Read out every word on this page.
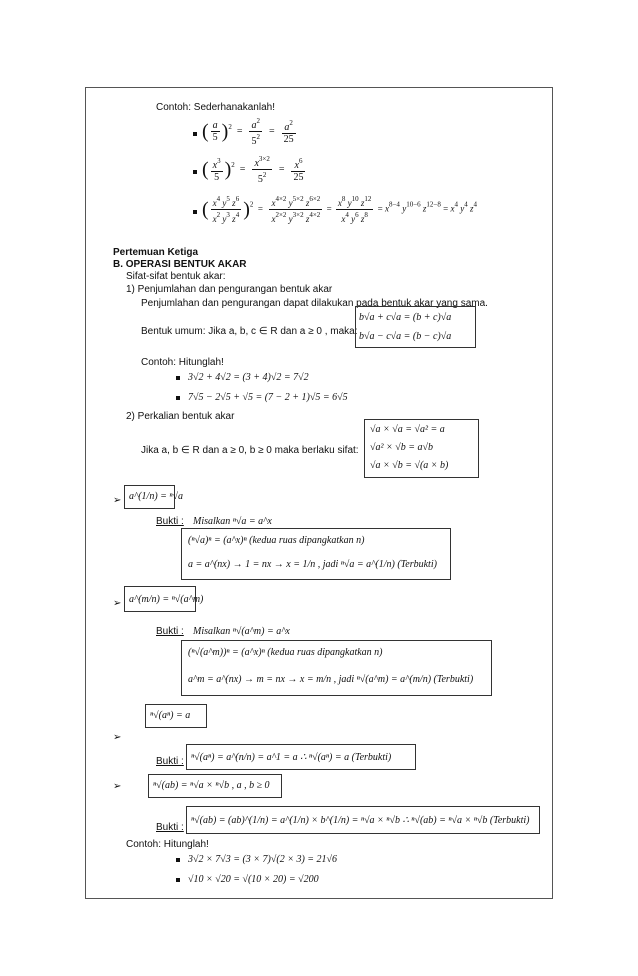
Contoh: Sederhanakanlah!
( $\frac{a}{5} )^2 = \frac{a^2}{5^2} = \frac{a^2}{25}$
( $\frac{x^3}{5} )^2 = \frac{x^{3\times 2}}{5^2} = \frac{x^6}{25}$
( $\frac{x^4 y^5 z^6}{x^2 y^3 z^4} )^2 = \frac{x^{4\times 2} y^{5\times 2} z^{6\times 2}}{x^{2\times 2} y^{3\times 2} z^{4\times 2}} = \frac{x^8 y^{10} z^{12}}{x^4 y^6 z^8} = x^{8-4}$ $y^{10-6}$ $z^{12-8} = x^4$ $y^4$ $z^4$
Pertemuan Ketiga
B. OPERASI BENTUK AKAR
Sifat-sifat bentuk akar:
1) Penjumlahan dan pengurangan bentuk akar
Penjumlahan dan pengurangan dapat dilakukan pada bentuk akar yang sama.
Bentuk umum: Jika a, b, c ∈ R dan a ≥ 0 , maka:
b√a + c√a = (b + c)√a
b√a − c√a = (b − c)√a
Contoh: Hitunglah!
3√2 + 4√2 = (3 + 4)√2 = 7√2
7√5 − 2√5 + √5 = (7 − 2 + 1)√5 = 6√5
2) Perkalian bentuk akar
Jika a, b ∈ R dan a ≥ 0, b ≥ 0 maka berlaku sifat:
√a × √a = √a² = a
√a² × √b = a√b
√a × √b = √(a × b)
➢ a^(1/n) = ⁿ√a
Bukti : Misalkan ⁿ√a = a^x
(ⁿ√a)ⁿ = (a^x)ⁿ (kedua ruas dipangkatkan n)
a = a^(nx) → 1 = nx → x = 1/n , jadi ⁿ√a = a^(1/n) (Terbukti)
➢ a^(m/n) = ⁿ√(a^m)
Bukti : Misalkan ⁿ√(a^m) = a^x
(ⁿ√(a^m))ⁿ = (a^x)ⁿ (kedua ruas dipangkatkan n)
a^m = a^(nx) → m = nx → x = m/n , jadi ⁿ√(a^m) = a^(m/n) (Terbukti)
➢
ⁿ√(aⁿ) = a
Bukti : ⁿ√(aⁿ) = a^(n/n) = a^1 = a ∴ ⁿ√(aⁿ) = a (Terbukti)
➢	ⁿ√(ab) = ⁿ√a × ⁿ√b , a , b ≥ 0
Bukti :
ⁿ√(ab) = (ab)^(1/n) = a^(1/n) × b^(1/n) = ⁿ√a × ⁿ√b ∴ ⁿ√(ab) = ⁿ√a × ⁿ√b (Terbukti)
Contoh: Hitunglah!
3√2 × 7√3 = (3 × 7)√(2 × 3) = 21√6
√10 × √20 = √(10 × 20) = √200
